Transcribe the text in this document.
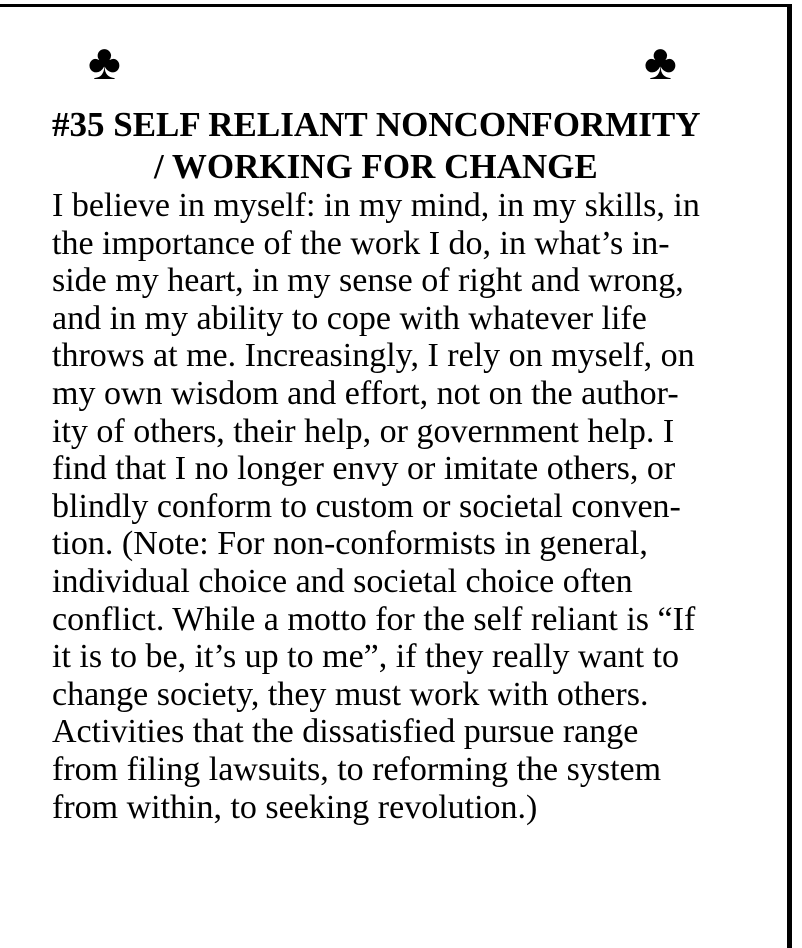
♣	♣
#35 SELF RELIANT NONCONFORMITY
/ WORKING FOR CHANGE

I believe in myself: in my mind, in my skills, in
the importance of the work I do, in what’s in-
side my heart, in my sense of right and wrong,
and in my ability to cope with whatever life
throws at me. Increasingly, I rely on myself, on
my own wisdom and effort, not on the author-
ity of others, their help, or government help. I
find that I no longer envy or imitate others, or
blindly conform to custom or societal conven-
tion. (Note: For non-conformists in general,
individual choice and societal choice often
conflict. While a motto for the self reliant is “If
it is to be, it’s up to me”, if they really want to
change society, they must work with others.
Activities that the dissatisfied pursue range
from filing lawsuits, to reforming the system
from within, to seeking revolution.)
